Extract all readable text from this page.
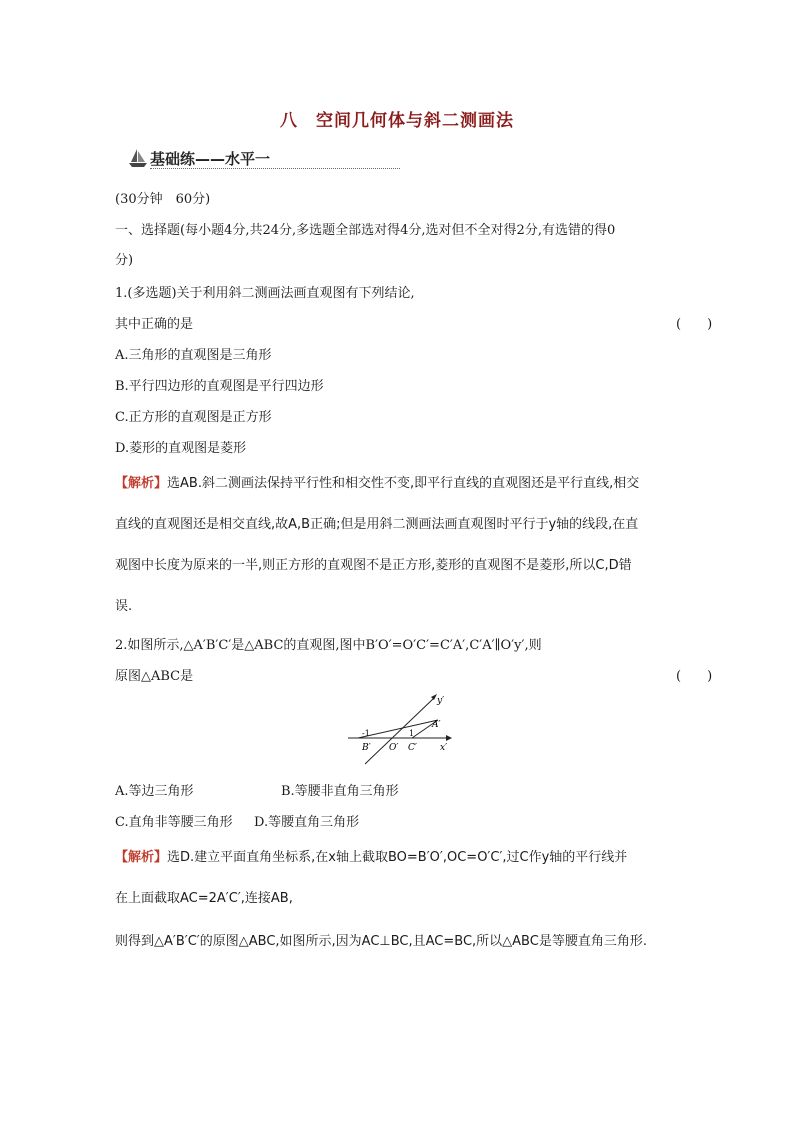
八　空间几何体与斜二测画法
基础练——水平一
(30分钟　60分)
一、选择题(每小题4分,共24分,多选题全部选对得4分,选对但不全对得2分,有选错的得0
分)
1.(多选题)关于利用斜二测画法画直观图有下列结论,
其中正确的是	(　　)
A.三角形的直观图是三角形
B.平行四边形的直观图是平行四边形
C.正方形的直观图是正方形
D.菱形的直观图是菱形
【解析】选AB.斜二测画法保持平行性和相交性不变,即平行直线的直观图还是平行直线,相交
直线的直观图还是相交直线,故A,B正确;但是用斜二测画法画直观图时平行于y轴的线段,在直
观图中长度为原来的一半,则正方形的直观图不是正方形,菱形的直观图不是菱形,所以C,D错
误.
2.如图所示,△A′B′C′是△ABC的直观图,图中B′O′=O′C′=C′A′,C′A′∥O′y′,则
原图△ABC是	(　　)
y′
x′
A′
B′ O′ C′
-1	1
A.等边三角形	B.等腰非直角三角形
C.直角非等腰三角形 D.等腰直角三角形
【解析】选D.建立平面直角坐标系,在x轴上截取BO=B′O′,OC=O′C′,过C作y轴的平行线并
在上面截取AC=2A′C′,连接AB,
则得到△A′B′C′的原图△ABC,如图所示,因为AC⊥BC,且AC=BC,所以△ABC是等腰直角三角形.
